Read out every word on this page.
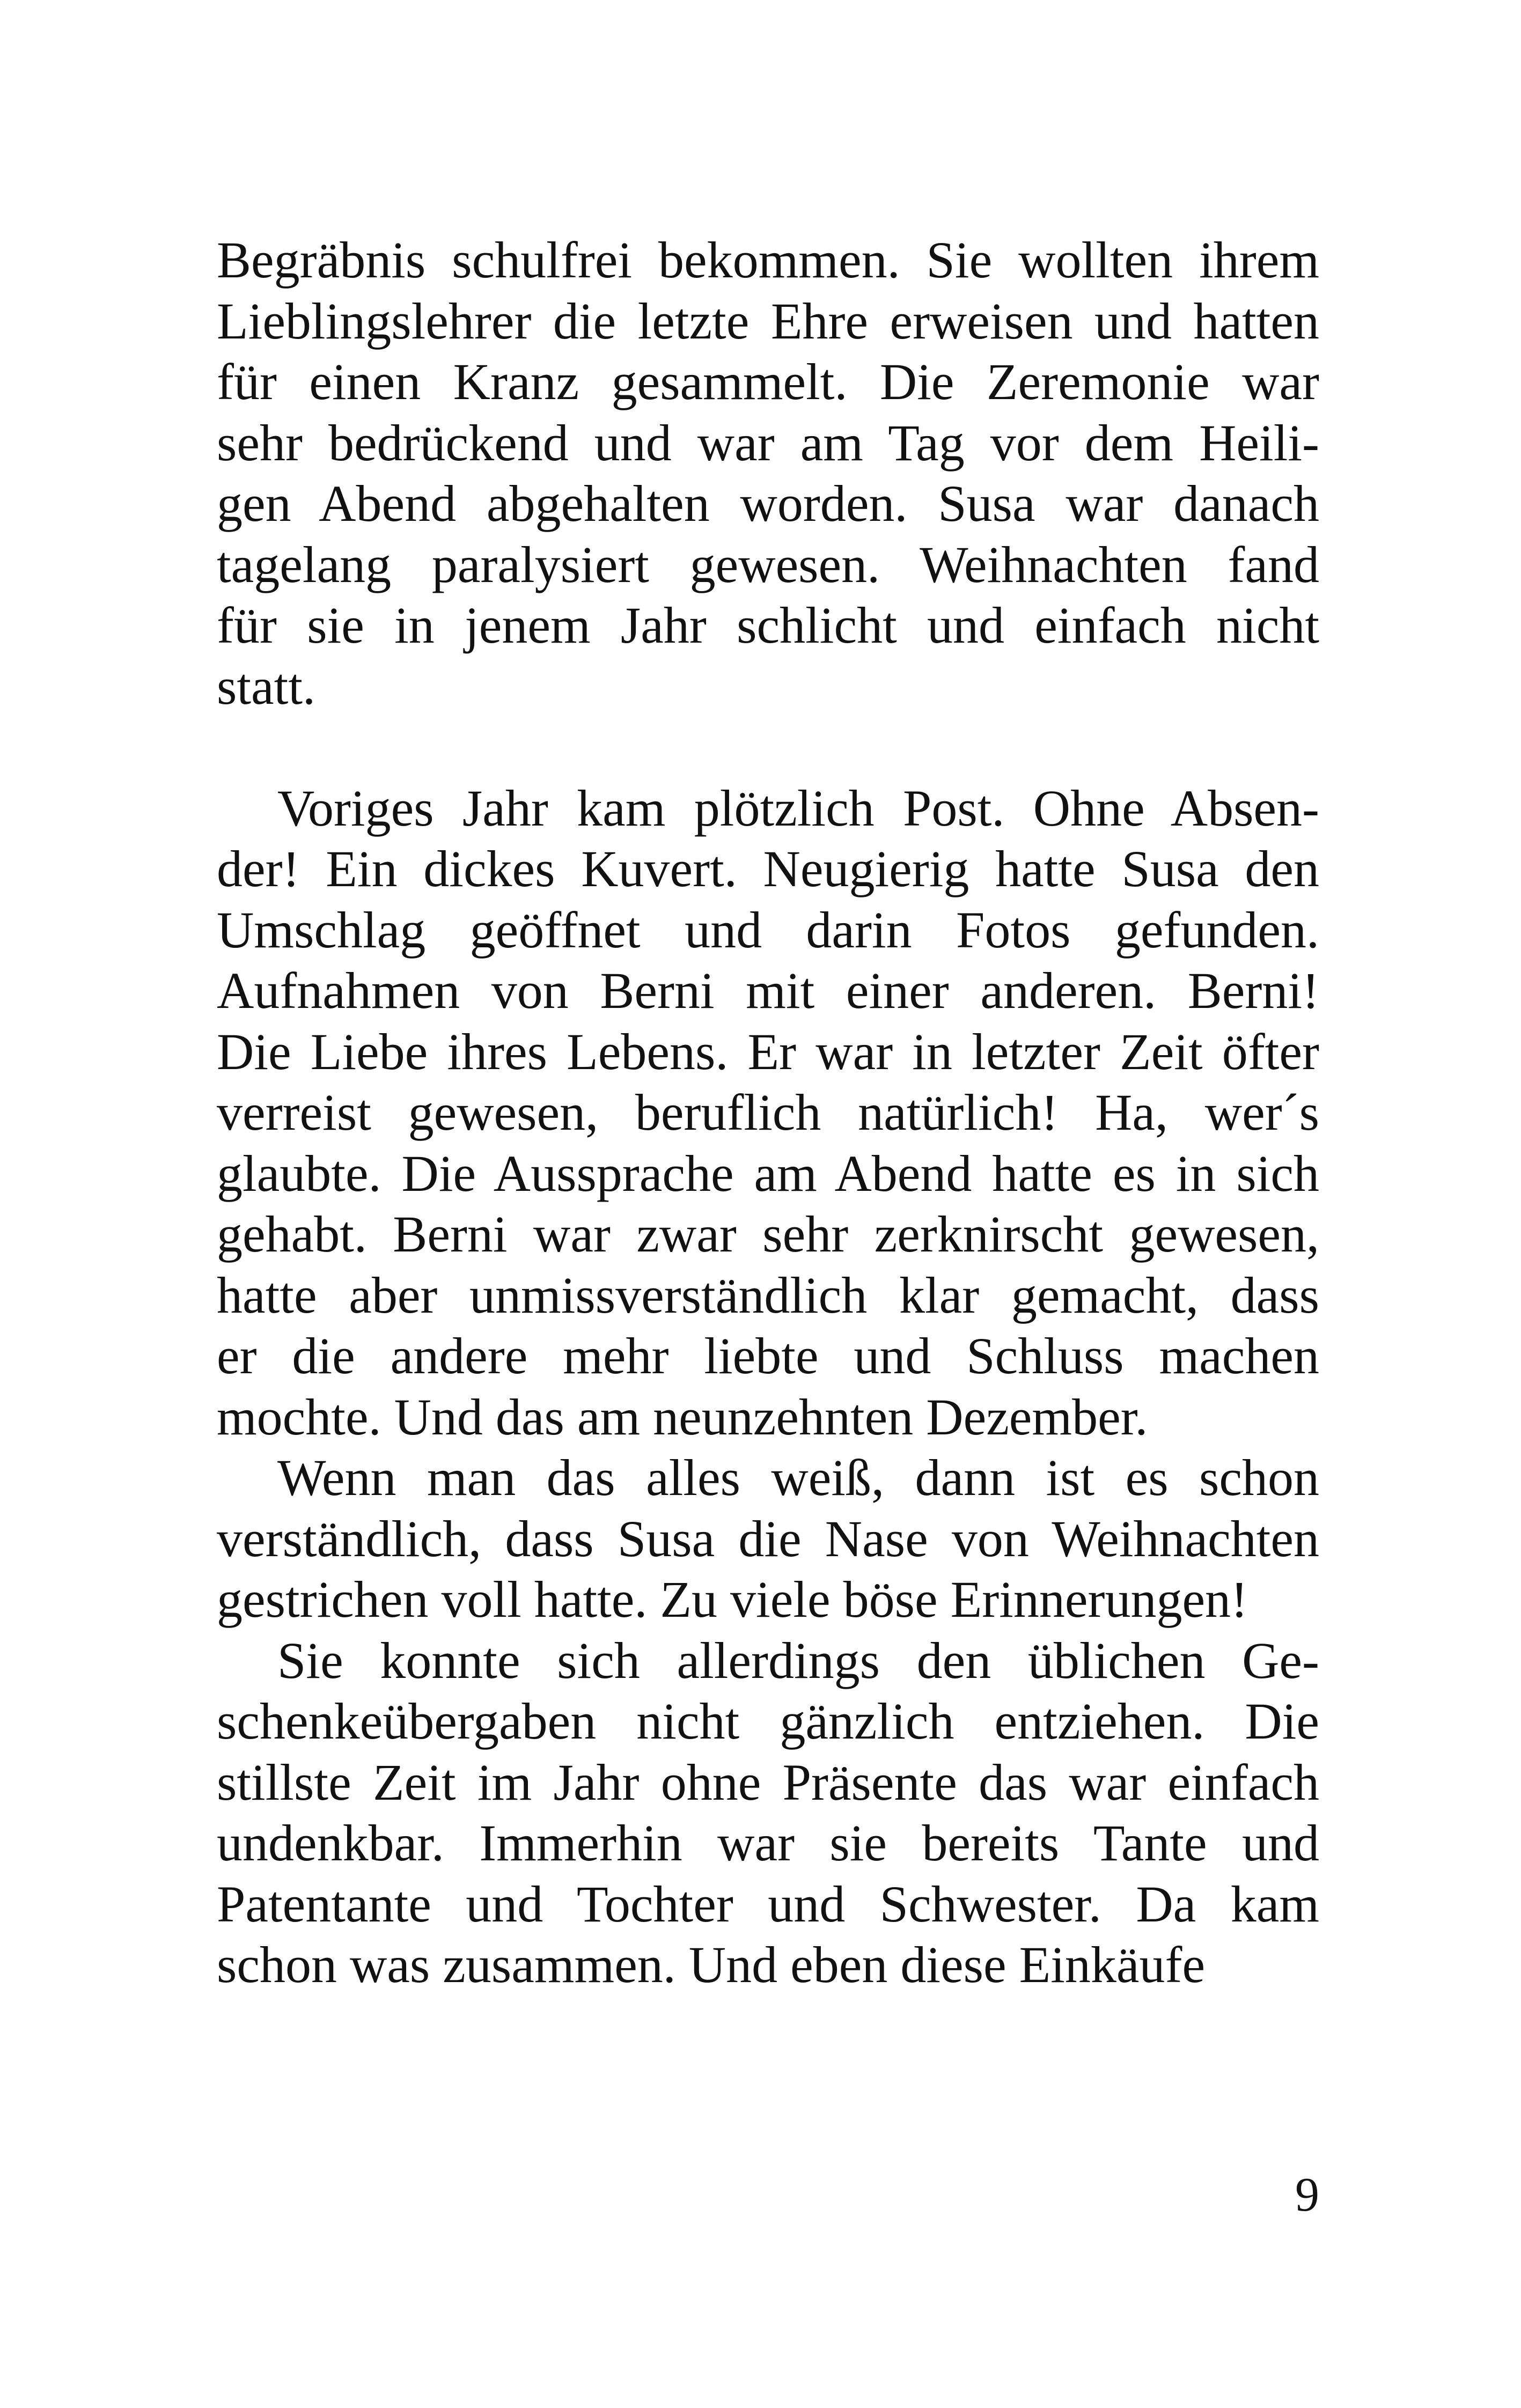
Begräbnis schulfrei bekommen. Sie wollten ihrem
Lieblingslehrer die letzte Ehre erweisen und hatten
für einen Kranz gesammelt. Die Zeremonie war
sehr bedrückend und war am Tag vor dem Heili-
gen Abend abgehalten worden. Susa war danach
tagelang paralysiert gewesen. Weihnachten fand
für sie in jenem Jahr schlicht und einfach nicht
statt.
Voriges Jahr kam plötzlich Post. Ohne Absen-
der! Ein dickes Kuvert. Neugierig hatte Susa den
Umschlag geöffnet und darin Fotos gefunden.
Aufnahmen von Berni mit einer anderen. Berni!
Die Liebe ihres Lebens. Er war in letzter Zeit öfter
verreist gewesen, beruflich natürlich! Ha, wer´s
glaubte. Die Aussprache am Abend hatte es in sich
gehabt. Berni war zwar sehr zerknirscht gewesen,
hatte aber unmissverständlich klar gemacht, dass
er die andere mehr liebte und Schluss machen
mochte. Und das am neunzehnten Dezember.
Wenn man das alles weiß, dann ist es schon
verständlich, dass Susa die Nase von Weihnachten
gestrichen voll hatte. Zu viele böse Erinnerungen!
Sie konnte sich allerdings den üblichen Ge-
schenkeübergaben nicht gänzlich entziehen. Die
stillste Zeit im Jahr ohne Präsente das war einfach
undenkbar. Immerhin war sie bereits Tante und
Patentante und Tochter und Schwester. Da kam
schon was zusammen. Und eben diese Einkäufe
9
